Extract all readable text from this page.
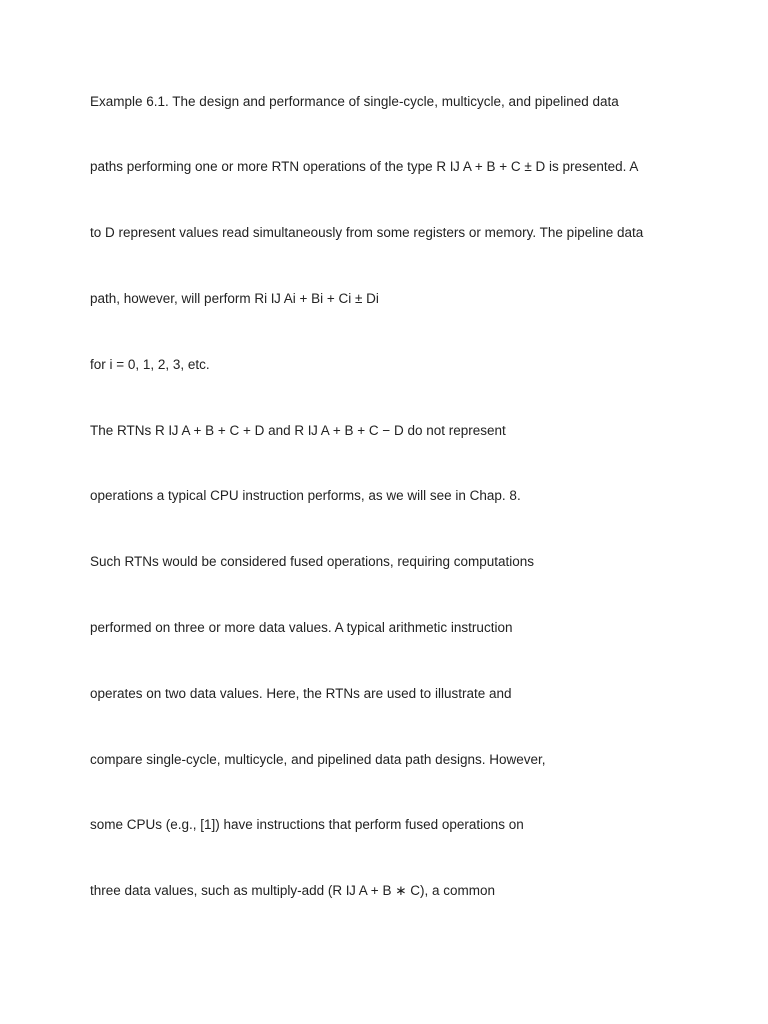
Example 6.1. The design and performance of single-cycle, multicycle, and pipelined data

paths performing one or more RTN operations of the type R Ĳ A + B + C ± D is presented. A

to D represent values read simultaneously from some registers or memory. The pipeline data

path, however, will perform Ri Ĳ Ai + Bi + Ci ± Di

for i = 0, 1, 2, 3, etc.

The RTNs R Ĳ A + B + C + D and R Ĳ A + B + C − D do not represent

operations a typical CPU instruction performs, as we will see in Chap. 8.

Such RTNs would be considered fused operations, requiring computations

performed on three or more data values. A typical arithmetic instruction

operates on two data values. Here, the RTNs are used to illustrate and

compare single-cycle, multicycle, and pipelined data path designs. However,

some CPUs (e.g., [1]) have instructions that perform fused operations on

three data values, such as multiply-add (R Ĳ A + B ∗ C), a common
